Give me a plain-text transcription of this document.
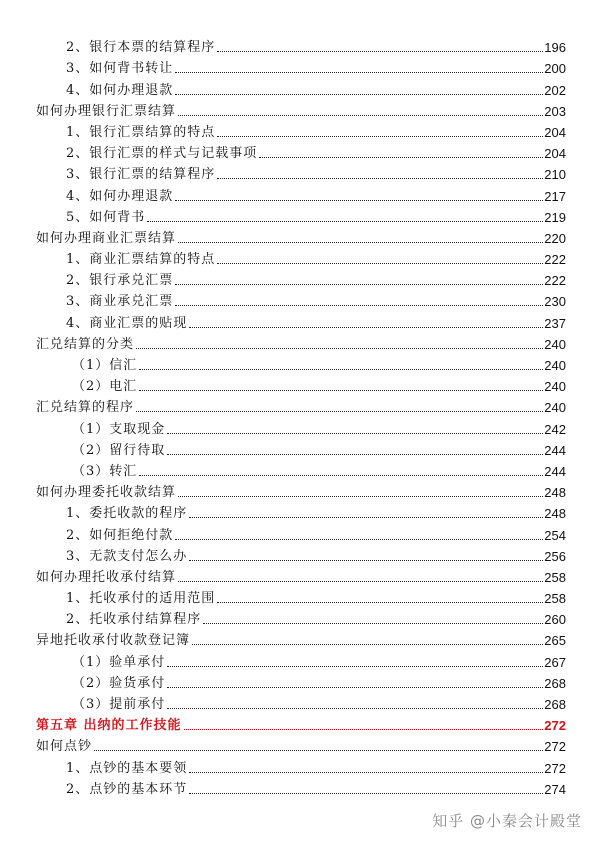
2、银行本票的结算程序	196
3、如何背书转让	200
4、如何办理退款	202
如何办理银行汇票结算	203
1、银行汇票结算的特点	204
2、银行汇票的样式与记载事项	204
3、银行汇票的结算程序	210
4、如何办理退款	217
5、如何背书	219
如何办理商业汇票结算	220
1、商业汇票结算的特点	222
2、银行承兑汇票	222
3、商业承兑汇票	230
4、商业汇票的贴现	237
汇兑结算的分类	240
（1）信汇	240
（2）电汇	240
汇兑结算的程序	240
（1）支取现金	242
（2）留行待取	244
（3）转汇	244
如何办理委托收款结算	248
1、委托收款的程序	248
2、如何拒绝付款	254
3、无款支付怎么办	256
如何办理托收承付结算	258
1、托收承付的适用范围	258
2、托收承付结算程序	260
异地托收承付收款登记簿	265
（1）验单承付	267
（2）验货承付	268
（3）提前承付	268
第五章 出纳的工作技能	272
如何点钞	272
1、点钞的基本要领	272
2、点钞的基本环节	274
知乎 @小秦会计殿堂
